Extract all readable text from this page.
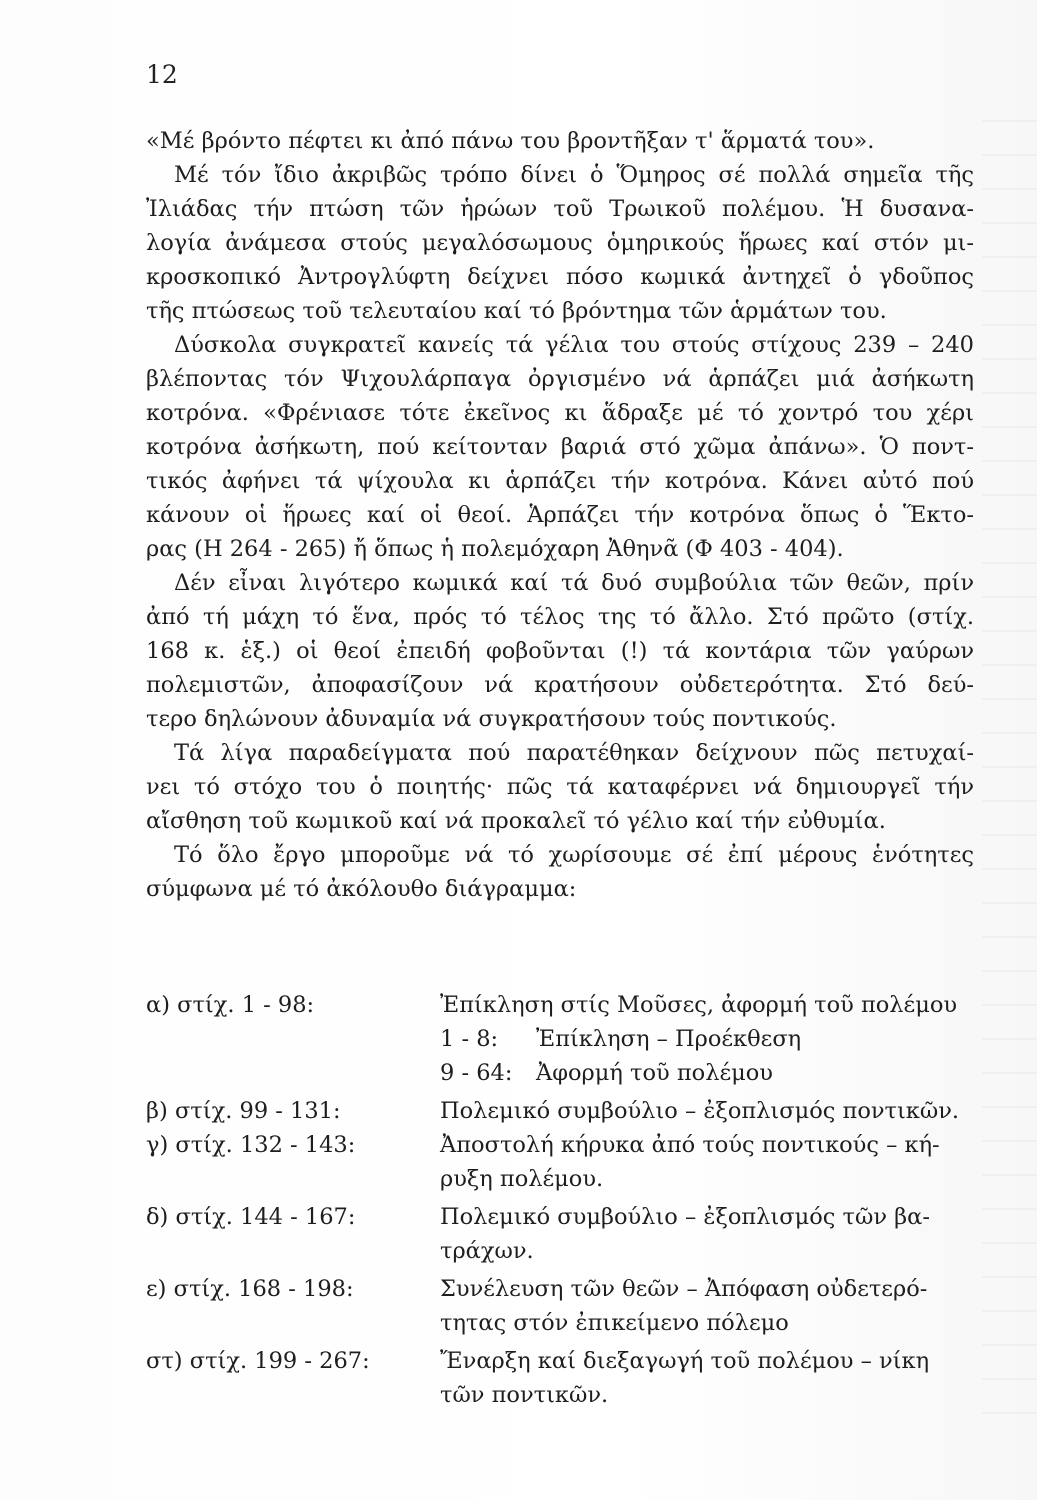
12
«Μέ βρόντο πέφτει κι ἀπό πάνω του βροντῆξαν τ' ἅρματά του».
Μέ τόν ἴδιο ἀκριβῶς τρόπο δίνει ὁ Ὅμηρος σέ πολλά σημεῖα τῆς
Ἰλιάδας τήν πτώση τῶν ἡρώων τοῦ Τρωικοῦ πολέμου. Ἡ δυσανα-
λογία ἀνάμεσα στούς μεγαλόσωμους ὁμηρικούς ἥρωες καί στόν μι-
κροσκοπικό Ἀντρογλύφτη δείχνει πόσο κωμικά ἀντηχεῖ ὁ γδοῦπος
τῆς πτώσεως τοῦ τελευταίου καί τό βρόντημα τῶν ἁρμάτων του.
Δύσκολα συγκρατεῖ κανείς τά γέλια του στούς στίχους 239 – 240
βλέποντας τόν Ψιχουλάρπαγα ὀργισμένο νά ἁρπάζει μιά ἀσήκωτη
κοτρόνα. «Φρένιασε τότε ἐκεῖνος κι ἅδραξε μέ τό χοντρό του χέρι
κοτρόνα ἀσήκωτη, πού κείτονταν βαριά στό χῶμα ἀπάνω». Ὁ ποντ-
τικός ἀφήνει τά ψίχουλα κι ἁρπάζει τήν κοτρόνα. Κάνει αὐτό πού
κάνουν οἱ ἥρωες καί οἱ θεοί. Ἁρπάζει τήν κοτρόνα ὅπως ὁ Ἕκτο-
ρας (Η 264 - 265) ἤ ὅπως ἡ πολεμόχαρη Ἀθηνᾶ (Φ 403 - 404).
Δέν εἶναι λιγότερο κωμικά καί τά δυό συμβούλια τῶν θεῶν, πρίν
ἀπό τή μάχη τό ἕνα, πρός τό τέλος της τό ἄλλο. Στό πρῶτο (στίχ.
168 κ. ἑξ.) οἱ θεοί ἐπειδή φοβοῦνται (!) τά κοντάρια τῶν γαύρων
πολεμιστῶν, ἀποφασίζουν νά κρατήσουν οὐδετερότητα. Στό δεύ-
τερο δηλώνουν ἀδυναμία νά συγκρατήσουν τούς ποντικούς.
Τά λίγα παραδείγματα πού παρατέθηκαν δείχνουν πῶς πετυχαί-
νει τό στόχο του ὁ ποιητής· πῶς τά καταφέρνει νά δημιουργεῖ τήν
αἴσθηση τοῦ κωμικοῦ καί νά προκαλεῖ τό γέλιο καί τήν εὐθυμία.
Τό ὅλο ἔργο μποροῦμε νά τό χωρίσουμε σέ ἐπί μέρους ἑνότητες
σύμφωνα μέ τό ἀκόλουθο διάγραμμα:
α) στίχ. 1 - 98:	Ἐπίκληση στίς Μοῦσες, ἀφορμή τοῦ πολέμου
1 - 8: Ἐπίκληση – Προέκθεση
9 - 64: Ἀφορμή τοῦ πολέμου
β) στίχ. 99 - 131:	Πολεμικό συμβούλιο – ἐξοπλισμός ποντικῶν.
γ) στίχ. 132 - 143:	Ἀποστολή κήρυκα ἀπό τούς ποντικούς – κή-
ρυξη πολέμου.
δ) στίχ. 144 - 167:	Πολεμικό συμβούλιο – ἐξοπλισμός τῶν βα-
τράχων.
ε) στίχ. 168 - 198:	Συνέλευση τῶν θεῶν – Ἀπόφαση οὐδετερό-
τητας στόν ἐπικείμενο πόλεμο
στ) στίχ. 199 - 267:	Ἔναρξη καί διεξαγωγή τοῦ πολέμου – νίκη
τῶν ποντικῶν.
